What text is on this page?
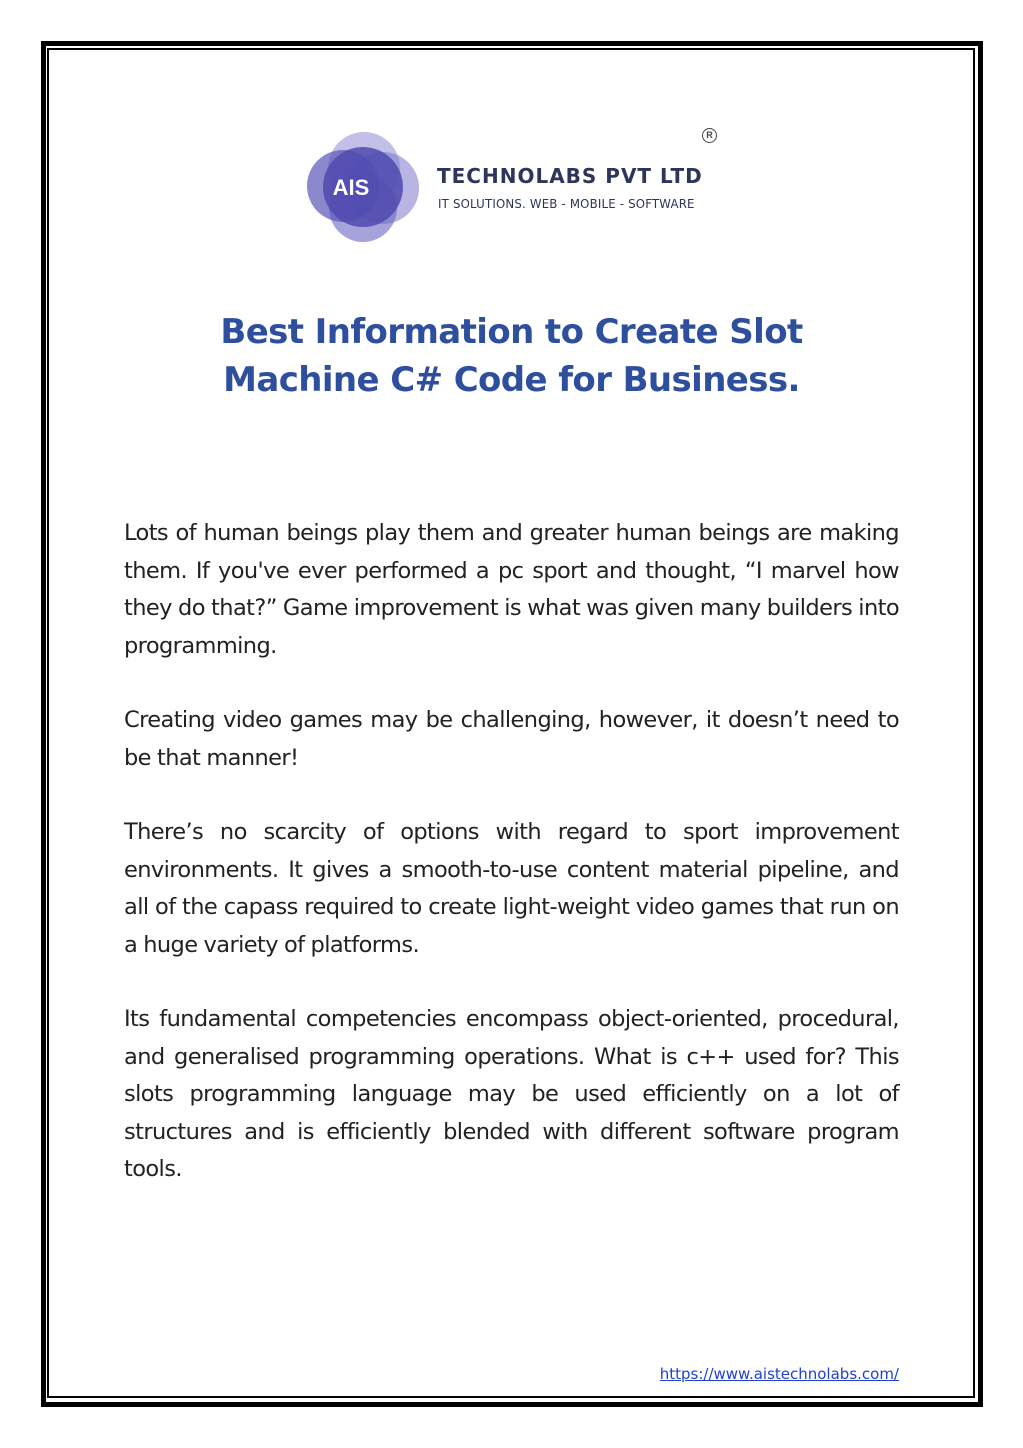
AIS
R
TECHNOLABS PVT LTD
IT SOLUTIONS. WEB - MOBILE - SOFTWARE
Best Information to Create Slot
Machine C# Code for Business.

Lots of human beings play them and greater human beings are making them. If you've ever performed a pc sport and thought, “I marvel how they do that?” Game improvement is what was given many builders into programming.

Creating video games may be challenging, however, it doesn’t need to be that manner!

There’s no scarcity of options with regard to sport improvement environments. It gives a smooth-to-use content material pipeline, and all of the capass required to create light-weight video games that run on a huge variety of platforms.

Its fundamental competencies encompass object-oriented, procedural, and generalised programming operations. What is c++ used for? This slots programming language may be used efficiently on a lot of structures and is efficiently blended with different software program tools.

https://www.aistechnolabs.com/
